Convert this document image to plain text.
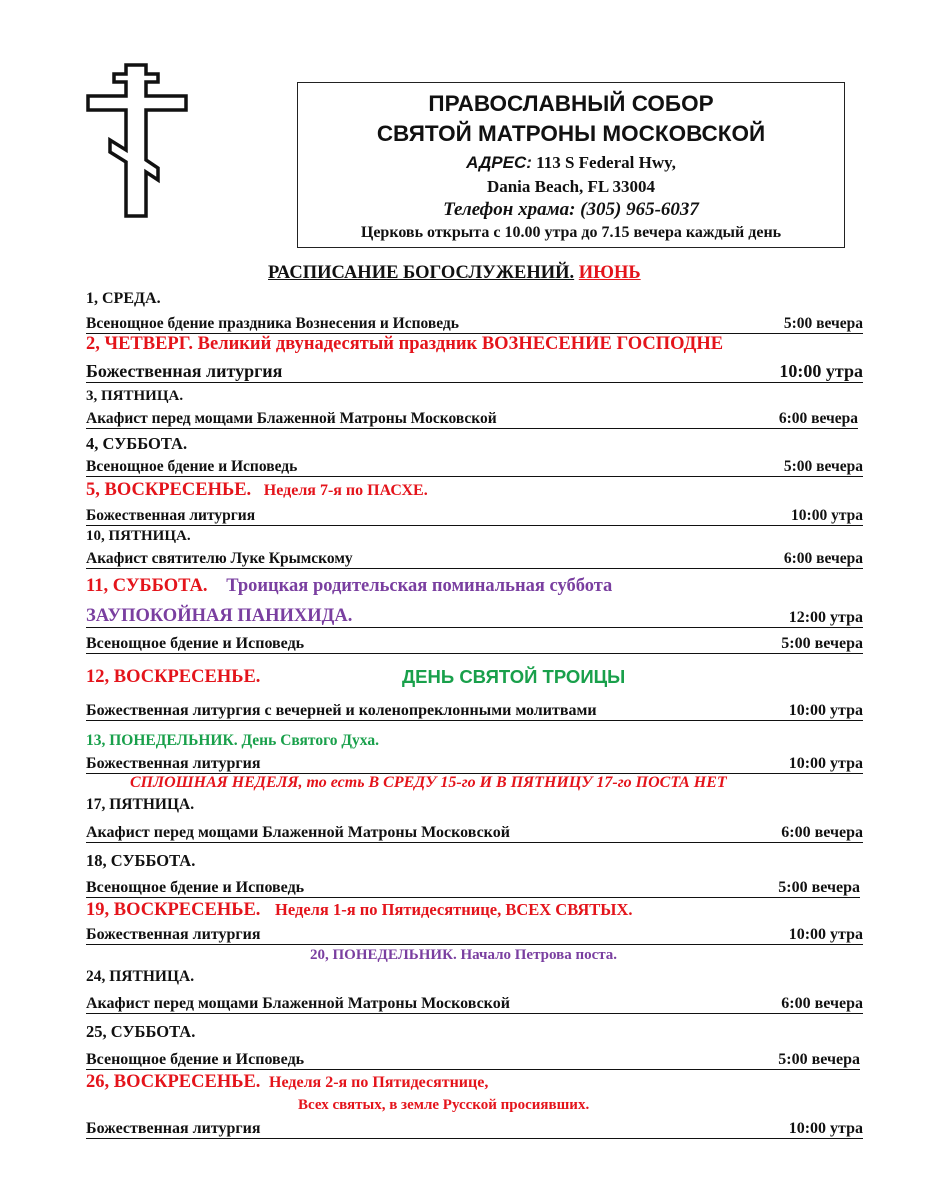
ПРАВОСЛАВНЫЙ СОБОР
СВЯТОЙ МАТРОНЫ МОСКОВСКОЙ
АДРЕС: 113 S Federal Hwy,
Dania Beach, FL 33004
Телефон храма: (305) 965-6037
Церковь открыта с 10.00 утра до 7.15 вечера каждый день
РАСПИСАНИЕ БОГОСЛУЖЕНИЙ. ИЮНЬ
1, СРЕДА.
Всенощное бдение праздника Вознесения и Исповедь	5:00 вечера
2, ЧЕТВЕРГ. Великий двунадесятый праздник ВОЗНЕСЕНИЕ ГОСПОДНЕ
Божественная литургия	10:00 утра
3, ПЯТНИЦА.
Акафист перед мощами Блаженной Матроны Московской	6:00 вечера
4, СУББОТА.
Всенощное бдение и Исповедь	5:00 вечера
5, ВОСКРЕСЕНЬЕ. Неделя 7-я по ПАСХЕ.
Божественная литургия	10:00 утра
10, ПЯТНИЦА.
Акафист святителю Луке Крымскому	6:00 вечера
11, СУББОТА. Троицкая родительская поминальная суббота
ЗАУПОКОЙНАЯ ПАНИХИДА.	12:00 утра
Всенощное бдение и Исповедь	5:00 вечера
12, ВОСКРЕСЕНЬЕ.	ДЕНЬ СВЯТОЙ ТРОИЦЫ
Божественная литургия с вечерней и коленопреклонными молитвами	10:00 утра
13, ПОНЕДЕЛЬНИК. День Святого Духа.
Божественная литургия	10:00 утра
СПЛОШНАЯ НЕДЕЛЯ, то есть В СРЕДУ 15-го И В ПЯТНИЦУ 17-го ПОСТА НЕТ
17, ПЯТНИЦА.
Акафист перед мощами Блаженной Матроны Московской	6:00 вечера
18, СУББОТА.
Всенощное бдение и Исповедь	5:00 вечера
19, ВОСКРЕСЕНЬЕ. Неделя 1-я по Пятидесятнице, ВСЕХ СВЯТЫХ.
Божественная литургия	10:00 утра
20, ПОНЕДЕЛЬНИК. Начало Петрова поста.
24, ПЯТНИЦА.
Акафист перед мощами Блаженной Матроны Московской	6:00 вечера
25, СУББОТА.
Всенощное бдение и Исповедь	5:00 вечера
26, ВОСКРЕСЕНЬЕ. Неделя 2-я по Пятидесятнице,
Всех святых, в земле Русской просиявших.
Божественная литургия	10:00 утра
